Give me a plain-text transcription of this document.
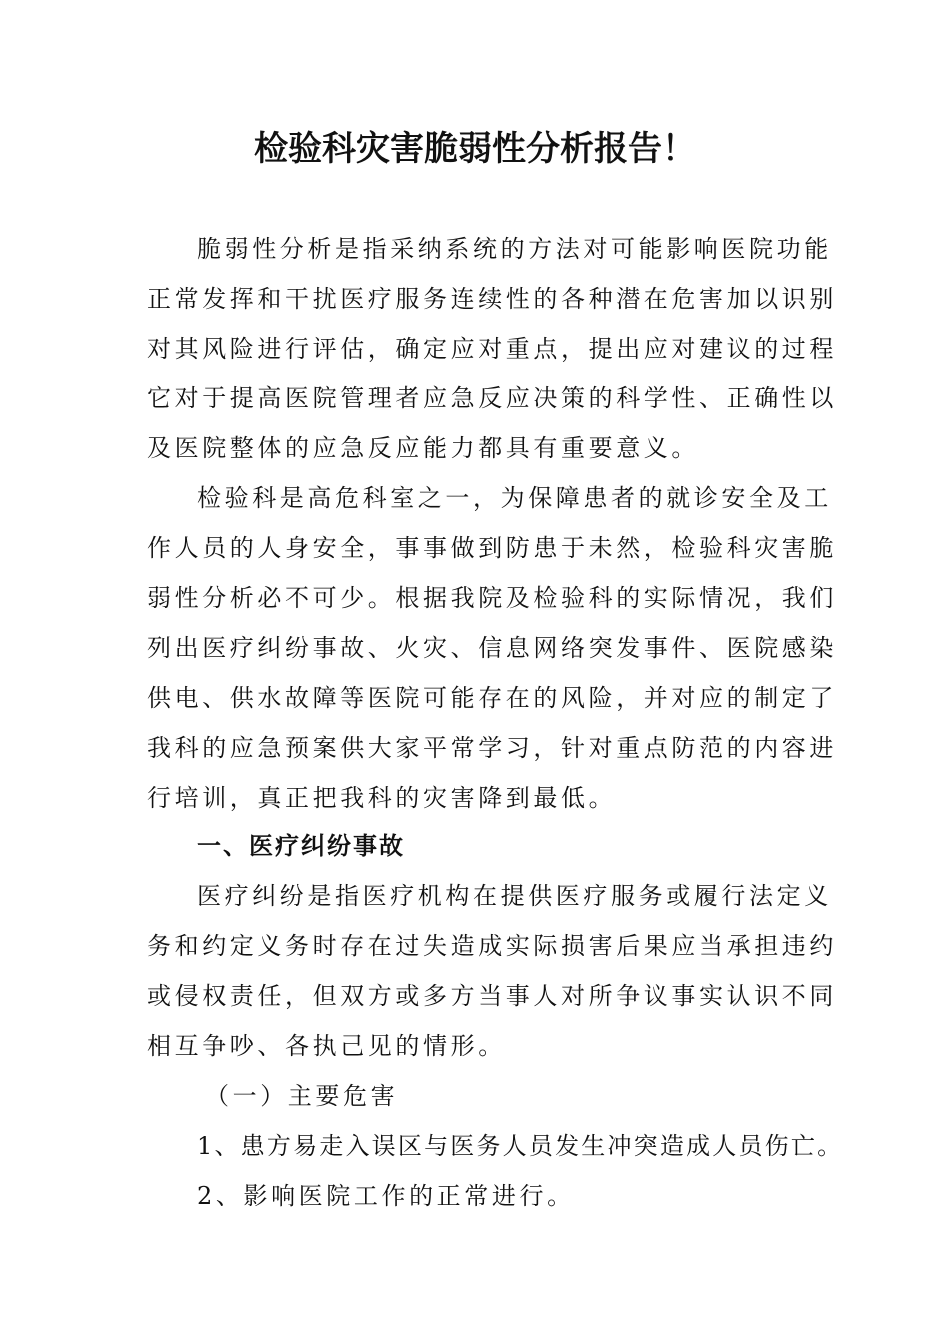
检验科灾害脆弱性分析报告！
脆弱性分析是指采纳系统的方法对可能影响医院功能
正常发挥和干扰医疗服务连续性的各种潜在危害加以识别
对其风险进行评估，确定应对重点，提出应对建议的过程
它对于提高医院管理者应急反应决策的科学性、正确性以
及医院整体的应急反应能力都具有重要意义。
检验科是高危科室之一，为保障患者的就诊安全及工
作人员的人身安全，事事做到防患于未然，检验科灾害脆
弱性分析必不可少。根据我院及检验科的实际情况，我们
列出医疗纠纷事故、火灾、信息网络突发事件、医院感染
供电、供水故障等医院可能存在的风险，并对应的制定了
我科的应急预案供大家平常学习，针对重点防范的内容进
行培训，真正把我科的灾害降到最低。
一、医疗纠纷事故
医疗纠纷是指医疗机构在提供医疗服务或履行法定义
务和约定义务时存在过失造成实际损害后果应当承担违约
或侵权责任，但双方或多方当事人对所争议事实认识不同
相互争吵、各执己见的情形。
（一）主要危害
1、患方易走入误区与医务人员发生冲突造成人员伤亡。
2、影响医院工作的正常进行。
